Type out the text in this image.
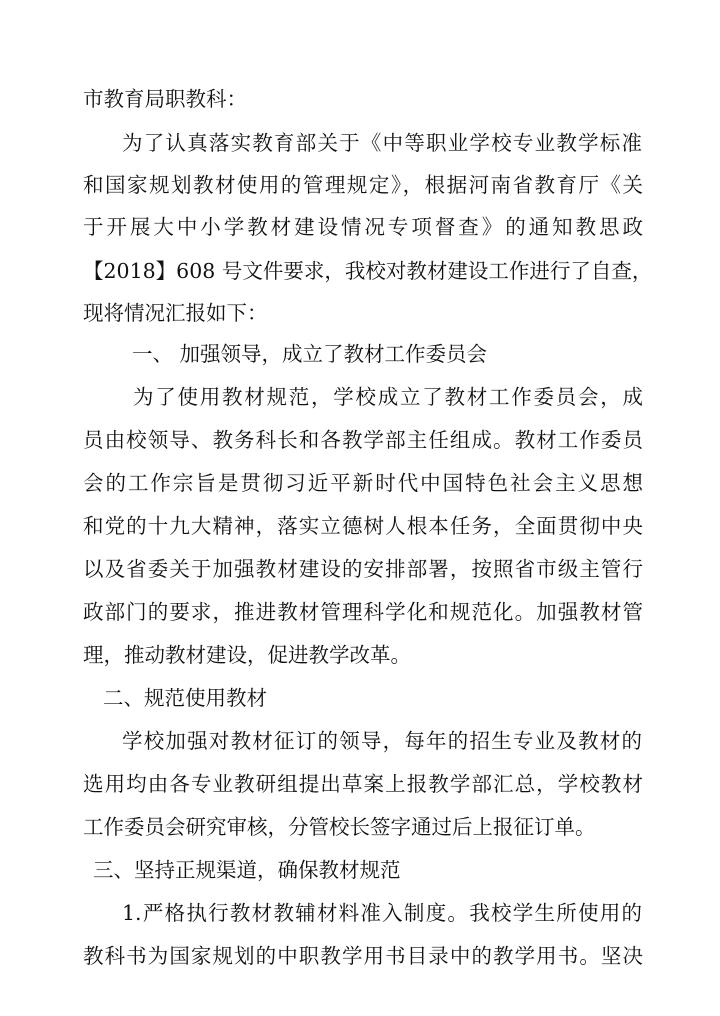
市教育局职教科：
为了认真落实教育部关于《中等职业学校专业教学标准
和国家规划教材使用的管理规定》，根据河南省教育厅《关
于开展大中小学教材建设情况专项督查》的通知教思政
【2018】608 号文件要求，我校对教材建设工作进行了自查，
现将情况汇报如下：
一、 加强领导，成立了教材工作委员会
为了使用教材规范，学校成立了教材工作委员会，成
员由校领导、教务科长和各教学部主任组成。教材工作委员
会的工作宗旨是贯彻习近平新时代中国特色社会主义思想
和党的十九大精神，落实立德树人根本任务，全面贯彻中央
以及省委关于加强教材建设的安排部署，按照省市级主管行
政部门的要求，推进教材管理科学化和规范化。加强教材管
理，推动教材建设，促进教学改革。
二、规范使用教材
学校加强对教材征订的领导，每年的招生专业及教材的
选用均由各专业教研组提出草案上报教学部汇总，学校教材
工作委员会研究审核，分管校长签字通过后上报征订单。
三、坚持正规渠道，确保教材规范
1.严格执行教材教辅材料准入制度。我校学生所使用的
教科书为国家规划的中职教学用书目录中的教学用书。坚决
